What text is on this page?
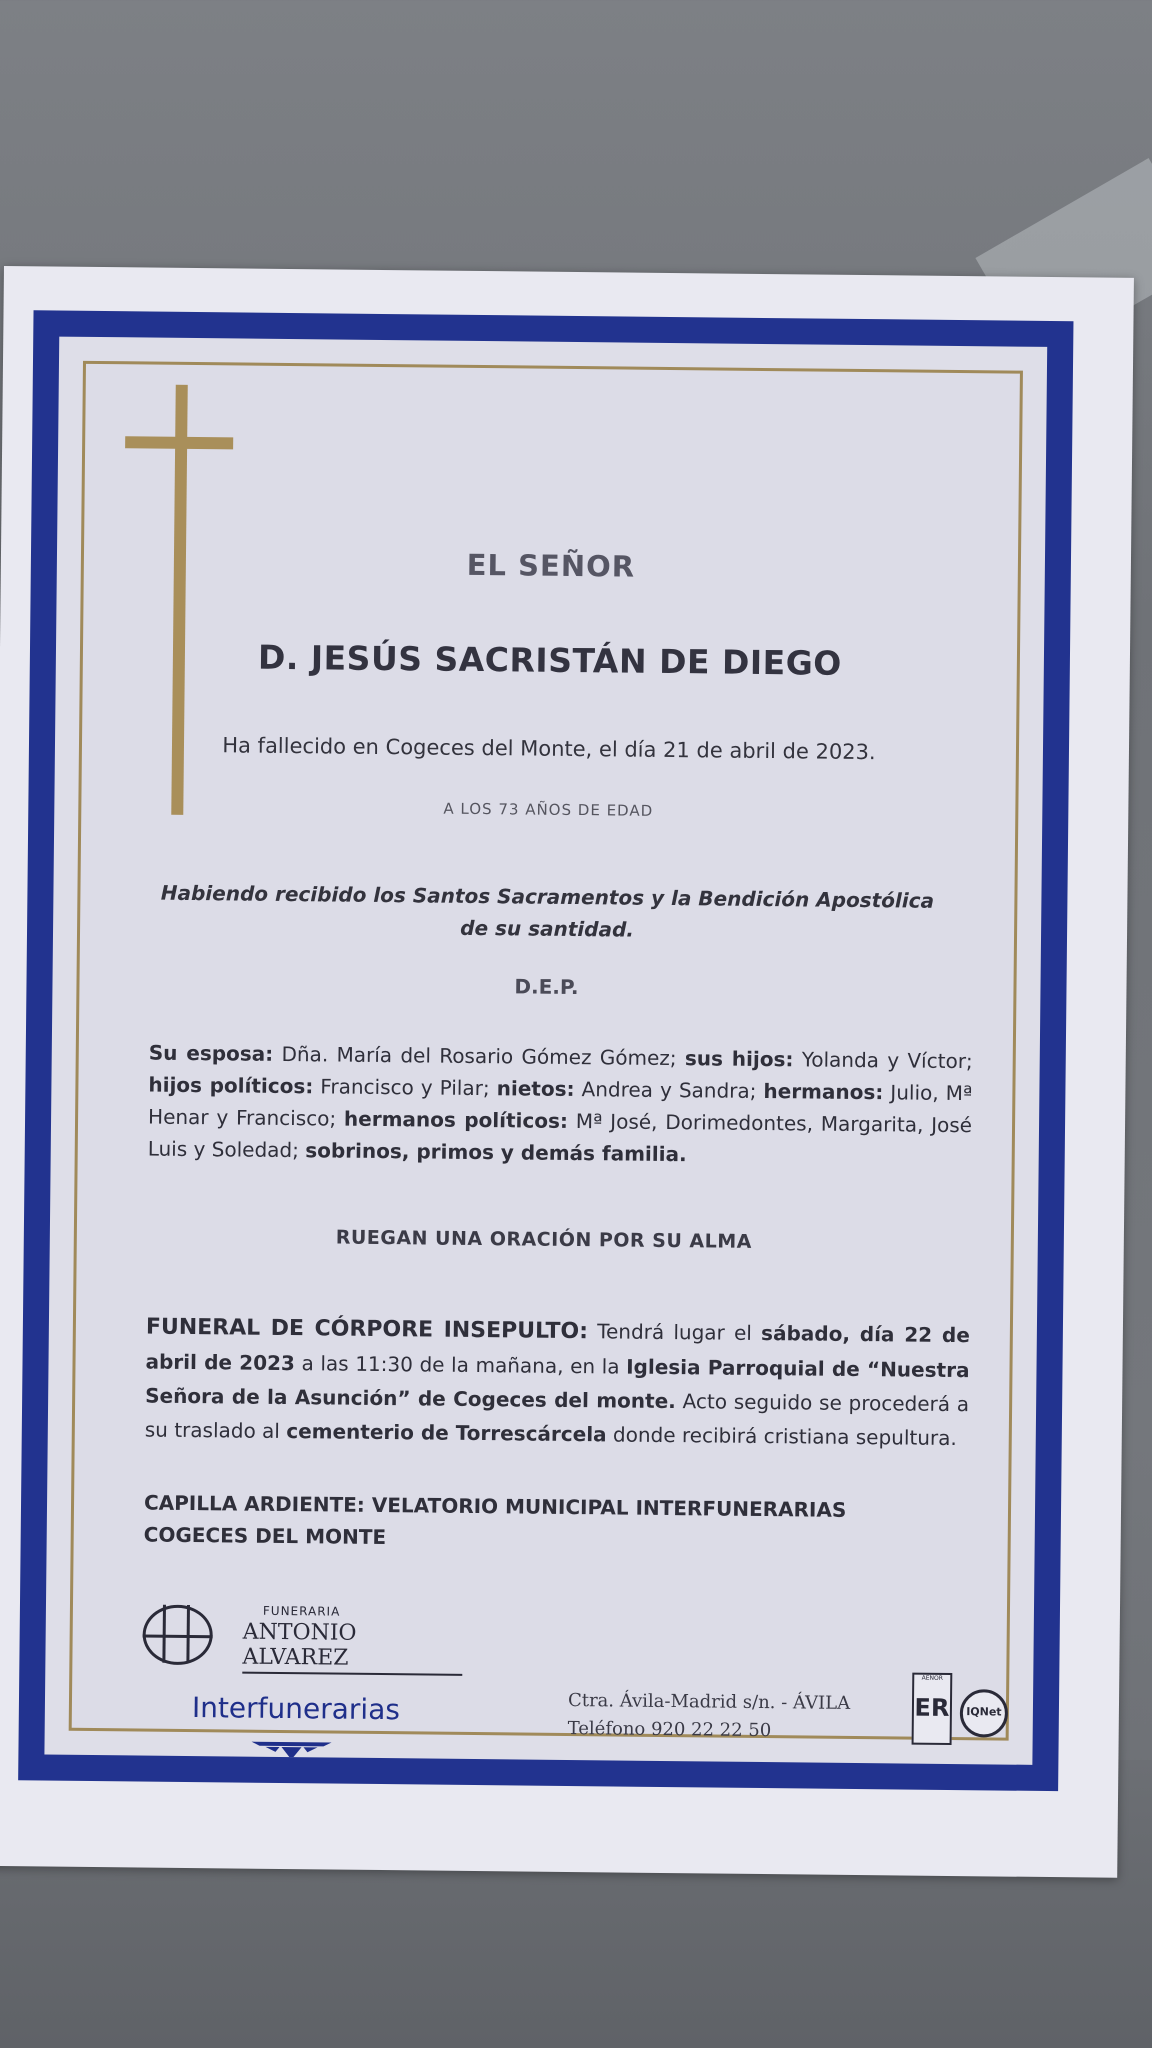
EL SEÑOR
D. JESÚS SACRISTÁN DE DIEGO
Ha fallecido en Cogeces del Monte, el día 21 de abril de 2023.
A LOS 73 AÑOS DE EDAD
Habiendo recibido los Santos Sacramentos y la Bendición Apostólica
de su santidad.
D.E.P.
Su esposa: Dña. María del Rosario Gómez Gómez; sus hijos: Yolanda y Víctor; hijos políticos: Francisco y Pilar; nietos: Andrea y Sandra; hermanos: Julio, Mª Henar y Francisco; hermanos políticos: Mª José, Dorimedontes, Margarita, José Luis y Soledad; sobrinos, primos y demás familia.
RUEGAN UNA ORACIÓN POR SU ALMA
FUNERAL DE CÓRPORE INSEPULTO: Tendrá lugar el sábado, día 22 de abril de 2023 a las 11:30 de la mañana, en la Iglesia Parroquial de “Nuestra Señora de la Asunción” de Cogeces del monte. Acto seguido se procederá a su traslado al cementerio de Torrescárcela donde recibirá cristiana sepultura.
CAPILLA ARDIENTE: VELATORIO MUNICIPAL INTERFUNERARIAS
COGECES DEL MONTE
FUNERARIA
ANTONIO ALVAREZ
Interfunerarias	Ctra. Ávila-Madrid s/n. - ÁVILA
Teléfono 920 22 22 50
AENOR
ER	IQNet
